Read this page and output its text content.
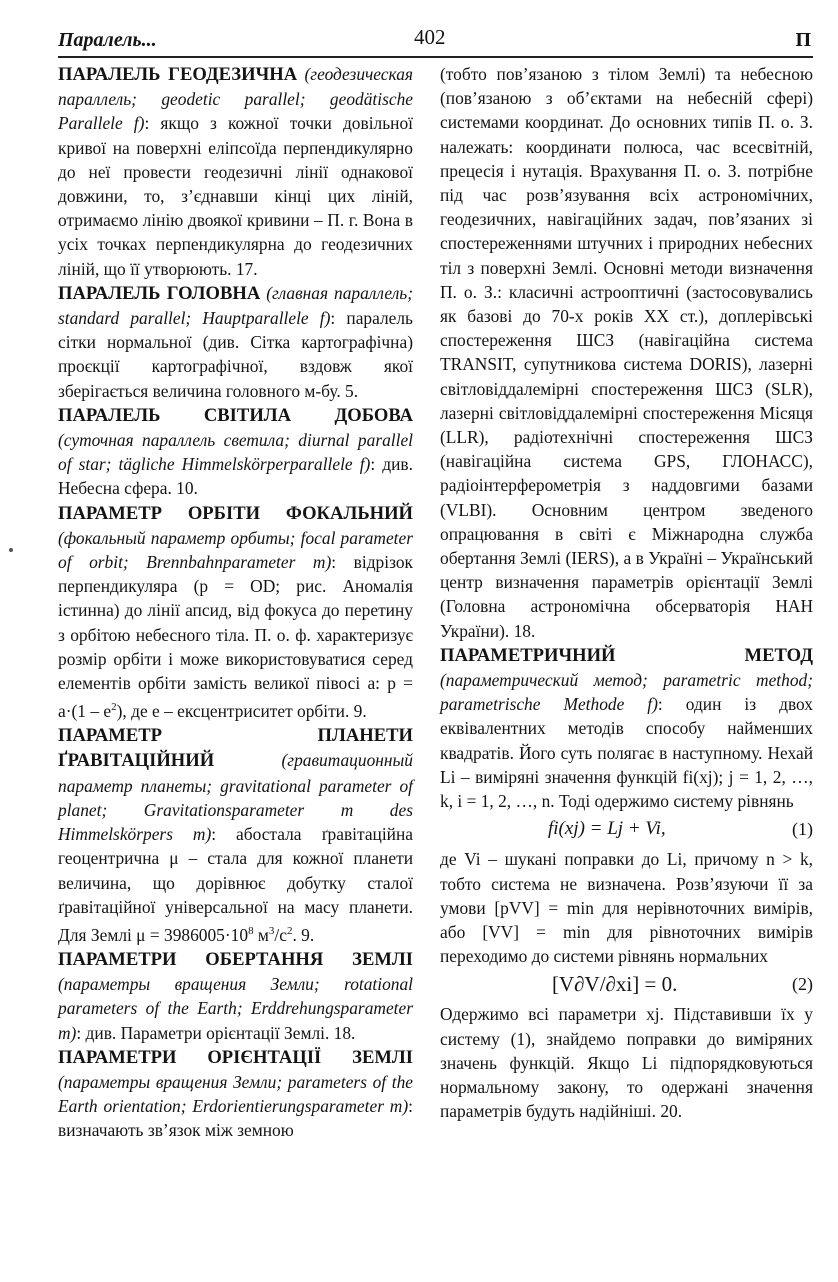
Паралель...	402	П

ПАРАЛЕЛЬ ГЕОДЕЗИЧНА (геодезическая параллель; geodetic parallel; geodätische Parallele f): якщо з кожної точки довільної кривої на поверхні еліпсоїда перпендикулярно до неї провести геодезичні лінії однакової довжини, то, з’єднавши кінці цих ліній, отримаємо лінію двоякої кривини – П. г. Вона в усіх точках перпендикулярна до геодезичних ліній, що її утворюють. 17.

ПАРАЛЕЛЬ ГОЛОВНА (главная параллель; standard parallel; Hauptparallele f): паралель сітки нормальної (див. Сітка картографічна) проєкції картографічної, вздовж якої зберігається величина головного м-бу. 5.

ПАРАЛЕЛЬ СВІТИЛА ДОБОВА (суточная параллель светила; diurnal parallel of star; tägliche Himmelskörperparallele f): див. Небесна сфера. 10.

ПАРАМЕТР ОРБІТИ ФОКАЛЬНИЙ (фокальный параметр орбиты; focal parameter of orbit; Brennbahnparameter m): відрізок перпендикуляра (p = OD; рис. Аномалія істинна) до лінії апсид, від фокуса до перетину з орбітою небесного тіла. П. о. ф. характеризує розмір орбіти і може використовуватися серед елементів орбіти замість великої півосі a: $p = a\cdot(1 - e^2)$, де e – ексцентриситет орбіти. 9.

ПАРАМЕТР ПЛАНЕТИ ҐРАВІТАЦІЙНИЙ	(гравитационный параметр планеты; gravitational parameter of planet; Gravitationsparameter m des Himmelskörpers m): абостала ґравітаційна геоцентрична μ – стала для кожної планети величина, що дорівнює добутку сталої ґравітаційної універсальної на масу планети. Для Землі $\mu = 3986005\cdot 10^8$ $м^3/с^2$. 9.

ПАРАМЕТРИ ОБЕРТАННЯ ЗЕМЛІ (параметры вращения Земли; rotational parameters of the Earth; Erddrehungsparameter m): див. Параметри орієнтації Землі. 18.

ПАРАМЕТРИ ОРІЄНТАЦІЇ ЗЕМЛІ (параметры вращения Земли; parameters of the Earth orientation; Erdorientierungsparameter m): визначають зв’язок між земною

(тобто пов’язаною з тілом Землі) та небесною (пов’язаною з об’єктами на небесній сфері) системами координат. До основних типів П. о. З. належать: координати полюса, час всесвітній, прецесія і нутація. Врахування П. о. З. потрібне під час розв’язування всіх астрономічних, геодезичних, навігаційних задач, пов’язаних зі спостереженнями штучних і природних небесних тіл з поверхні Землі. Основні методи визначення П. о. З.: класичні астрооптичні (застосовувались як базові до 70-х років ХХ ст.), доплерівські спостереження ШСЗ (навігаційна система TRANSIT, супутникова система DORIS), лазерні світловіддалемірні спостереження ШСЗ (SLR), лазерні світловіддалемірні спостереження Місяця (LLR), радіотехнічні спостереження ШСЗ (навігаційна система GPS, ГЛОНАСС), радіоінтерферометрія з наддовгими базами (VLBI). Основним центром зведеного опрацювання в світі є Міжнародна служба обертання Землі (IERS), а в Україні – Український центр визначення параметрів орієнтації Землі (Головна астрономічна обсерваторія НАН України). 18.

ПАРАМЕТРИЧНИЙ МЕТОД (параметрический метод; parametric method; parametrische Methode f): один із двох еквівалентних методів способу найменших квадратів. Його суть полягає в наступному. Нехай Li – виміряні значення функцій fi(xj); j = 1, 2, …, k, i = 1, 2, …, n. Тоді одержимо систему рівнянь

fi(xj) = Lj + Vi,	(1)

де Vi – шукані поправки до Li, причому n > k, тобто система не визначена. Розв’язуючи її за умови [pVV] = min для нерівноточних вимірів, або [VV] = min для рівноточних вимірів переходимо до системи рівнянь нормальних

[V∂V/∂xi] = 0.	(2)

Одержимо всі параметри xj. Підставивши їх у систему (1), знайдемо поправки до виміряних значень функцій. Якщо Li підпорядковуються нормальному закону, то одержані значення параметрів будуть надійніші. 20.
